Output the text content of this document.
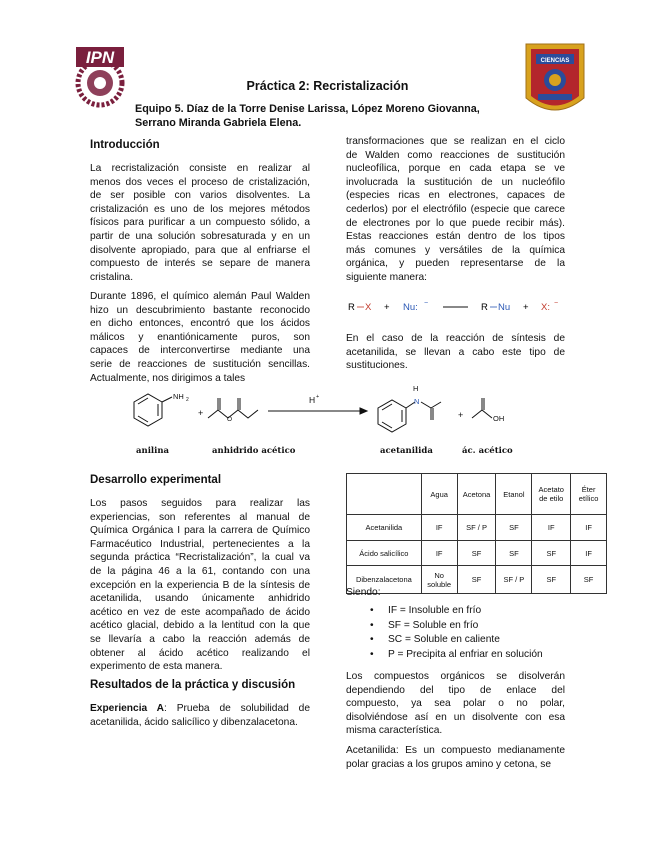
IPN	CIENCIAS
Práctica 2: Recristalización
Equipo 5. Díaz de la Torre Denise Larissa, López Moreno Giovanna,
Serrano Miranda Gabriela Elena.
Introducción
La recristalización consiste en realizar al
menos dos veces el proceso de cristalización,
de ser posible con varios disolventes. La
cristalización es uno de los mejores métodos
físicos para purificar a un compuesto sólido, a
partir de una solución sobresaturada y en un
disolvente apropiado, para que al enfriarse el
compuesto de interés se separe de manera
cristalina.
Durante 1896, el químico alemán Paul Walden
hizo un descubrimiento bastante reconocido
en dicho entonces, encontró que los ácidos
málicos y enantiónicamente puros, son
capaces de interconvertirse mediante una
serie de reacciones de sustitución sencillas.
Actualmente, nos dirigimos a tales
transformaciones que se realizan en el ciclo
de Walden como reacciones de sustitución
nucleofílica, porque en cada etapa se ve
involucrada la sustitución de un nucleófilo
(especies ricas en electrones, capaces de
cederlos) por el electrófilo (especie que carece
de electrones por lo que puede recibir más).
Estas reacciones están dentro de los tipos
más comunes y versátiles de la química
orgánica, y pueden representarse de la
siguiente manera:
R X + Nu: −	R Nu + X: −
En el caso de la reacción de síntesis de
acetanilida, se llevan a cabo este tipo de
sustituciones.
NH 2
+
O
H +
H
N
+	OH
anilina	anhidrido acético	acetanilida	ác. acético
Desarrollo experimental
Los pasos seguidos para realizar las
experiencias, son referentes al manual de
Química Orgánica I para la carrera de Químico
Farmacéutico Industrial, pertenecientes a la
segunda práctica “Recristalización”, la cual va
de la página 46 a la 61, contando con una
excepción en la experiencia B de la síntesis de
acetanilida, usando únicamente anhidrido
acético en vez de este acompañado de ácido
acético glacial, debido a la lentitud con la que
se llevaría a cabo la reacción además de
obtener al ácido acético realizando el
experimento de esta manera.
Resultados de la práctica y discusión
Experiencia A: Prueba de solubilidad de
acetanilida, ácido salicílico y dibenzalacetona.
	Agua	Acetona	Etanol	Acetato de etilo	Éter etílico
Acetanilida	IF	SF / P	SF	IF	IF
Ácido salicílico	IF	SF	SF	SF	IF
Dibenzalacetona	No soluble	SF	SF / P	SF	SF
Siendo:
• IF = Insoluble en frío
• SF = Soluble en frío
• SC = Soluble en caliente
• P = Precipita al enfriar en solución
Los compuestos orgánicos se disolverán
dependiendo del tipo de enlace del
compuesto, ya sea polar o no polar,
disolviéndose así en un disolvente con esa
misma característica.
Acetanilida: Es un compuesto medianamente
polar gracias a los grupos amino y cetona, se
